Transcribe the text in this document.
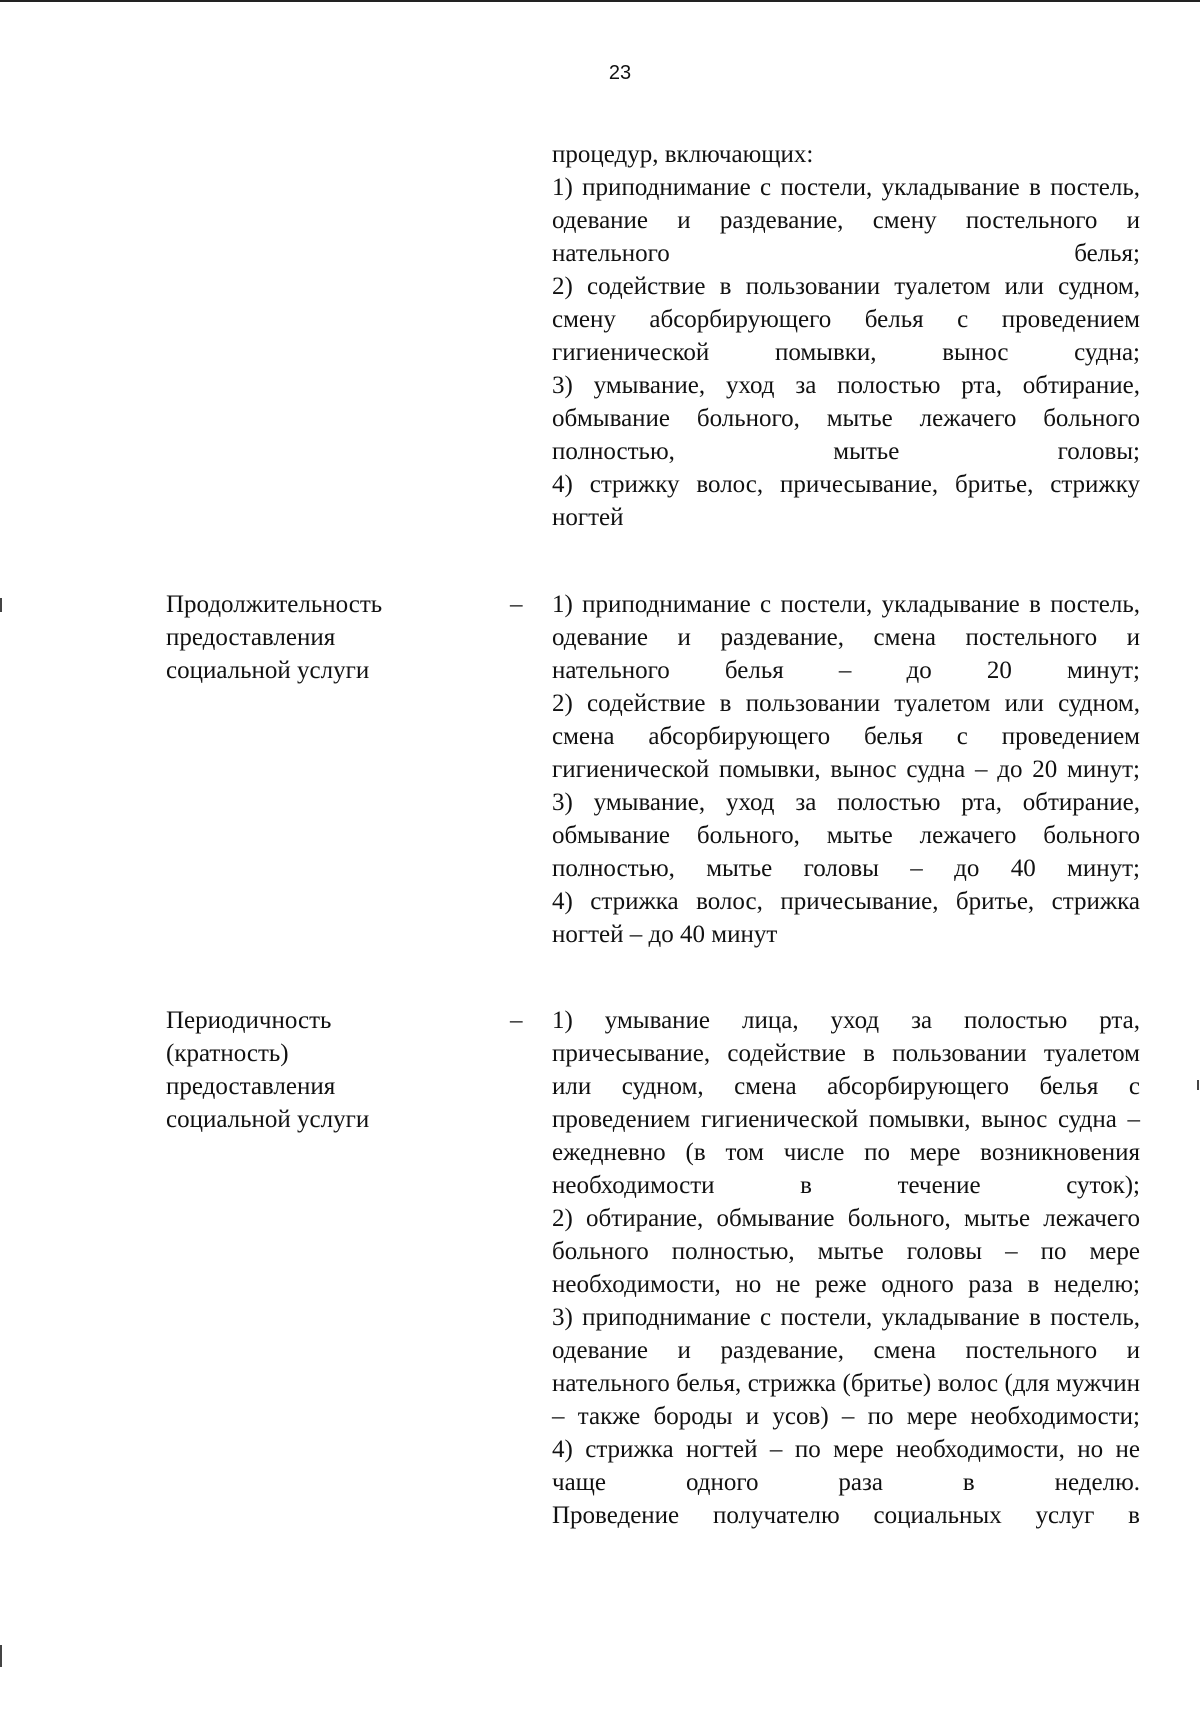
23

процедур, включающих:

1) приподнимание с постели, укладывание в постель, одевание и раздевание, смену постельного и нательного белья;

2) содействие в пользовании туалетом или судном, смену абсорбирующего белья с проведением гигиенической помывки, вынос судна;

3) умывание, уход за полостью рта, обтирание, обмывание больного, мытье лежачего больного полностью, мытье головы;

4) стрижку волос, причесывание, бритье, стрижку ногтей

Продолжительность
предоставления
социальной услуги
– 1) приподнимание с постели, укладывание в постель, одевание и раздевание, смена постельного и нательного белья – до 20 минут;

2) содействие в пользовании туалетом или судном, смена абсорбирующего белья с проведением гигиенической помывки, вынос судна – до 20 минут;

3) умывание, уход за полостью рта, обтирание, обмывание больного, мытье лежачего больного полностью, мытье головы – до 40 минут;

4) стрижка волос, причесывание, бритье, стрижка ногтей – до 40 минут

Периодичность
(кратность)
предоставления
социальной услуги
– 1) умывание лица, уход за полостью рта, причесывание, содействие в пользовании туалетом или судном, смена абсорбирующего белья с проведением гигиенической помывки, вынос судна – ежедневно (в том числе по мере возникновения необходимости в течение суток);

2) обтирание, обмывание больного, мытье лежачего больного полностью, мытье головы – по мере необходимости, но не реже одного раза в неделю;

3) приподнимание с постели, укладывание в постель, одевание и раздевание, смена постельного и нательного белья, стрижка (бритье) волос (для мужчин – также бороды и усов) – по мере необходимости;

4) стрижка ногтей – по мере необходимости, но не чаще одного раза в неделю.

Проведение получателю социальных услуг в
